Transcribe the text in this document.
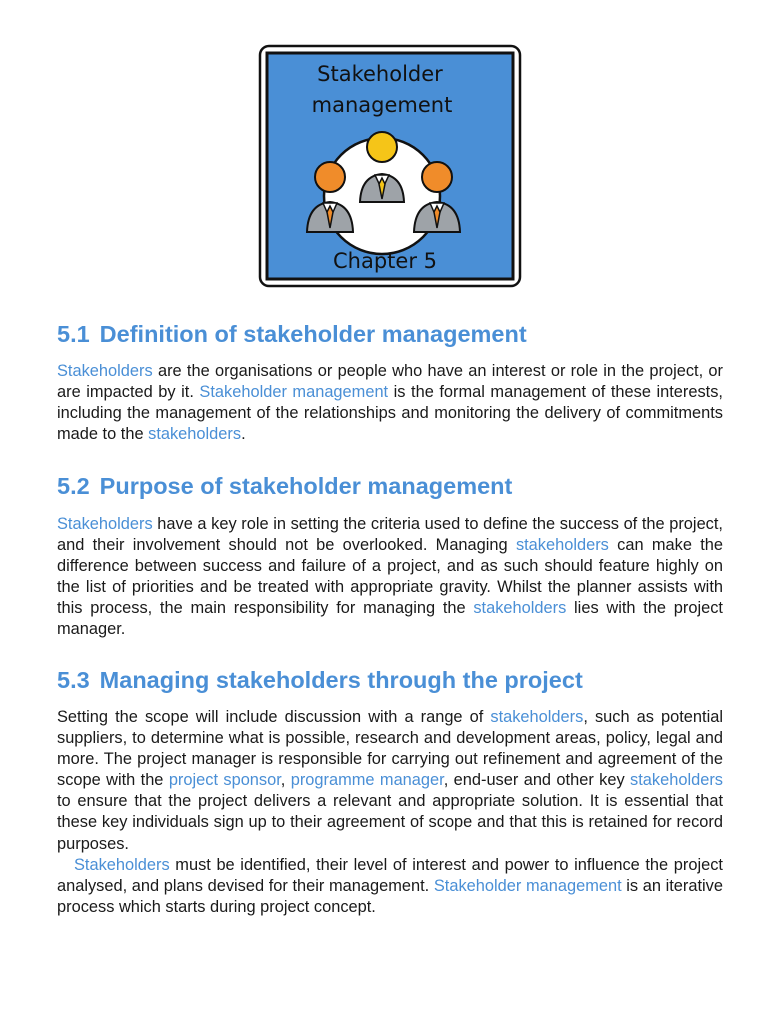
Stakeholder
management
Chapter 5
5.1 Definition of stakeholder management

Stakeholders are the organisations or people who have an interest or role in the project, or are impacted by it. Stakeholder management is the formal management of these interests, including the management of the relationships and monitoring the delivery of commitments made to the stakeholders.

5.2 Purpose of stakeholder management

Stakeholders have a key role in setting the criteria used to define the success of the project, and their involvement should not be overlooked. Managing stakeholders can make the difference between success and failure of a project, and as such should feature highly on the list of priorities and be treated with appropriate gravity. Whilst the planner assists with this process, the main responsibility for managing the stakeholders lies with the project manager.

5.3 Managing stakeholders through the project

Setting the scope will include discussion with a range of stakeholders, such as potential suppliers, to determine what is possible, research and development areas, policy, legal and more. The project manager is responsible for carrying out refinement and agreement of the scope with the project sponsor, programme manager, end-user and other key stakeholders to ensure that the project delivers a relevant and appropriate solution. It is essential that these key individuals sign up to their agreement of scope and that this is retained for record purposes.

Stakeholders must be identified, their level of interest and power to influence the project analysed, and plans devised for their management. Stakeholder management is an iterative process which starts during project concept.
